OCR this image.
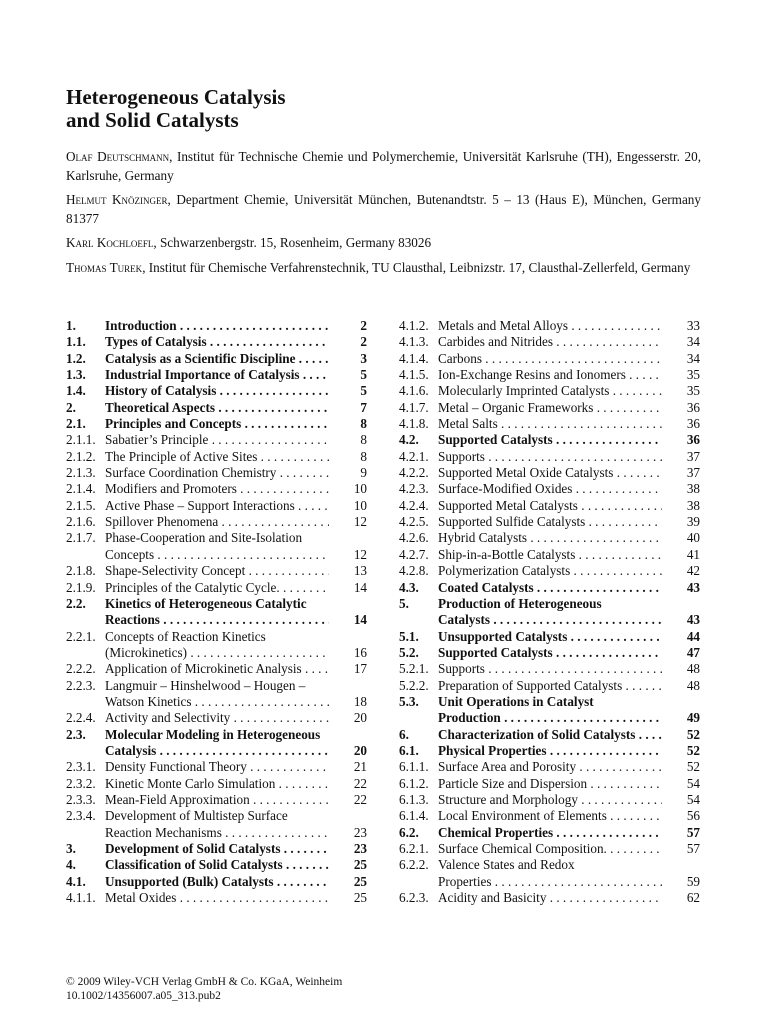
Heterogeneous Catalysis
and Solid Catalysts

Olaf Deutschmann, Institut für Technische Chemie und Polymerchemie, Universität Karlsruhe (TH), Engesserstr. 20, Karlsruhe, Germany

Helmut Knözinger, Department Chemie, Universität München, Butenandtstr. 5 – 13 (Haus E), München, Germany 81377

Karl Kochloefl, Schwarzenbergstr. 15, Rosenheim, Germany 83026

Thomas Turek, Institut für Chemische Verfahrenstechnik, TU Clausthal, Leibnizstr. 17, Clausthal-Zellerfeld, Germany

1. Introduction . . .	2
1.1. Types of Catalysis . . .	2
1.2. Catalysis as a Scientific Discipline . . .	3
1.3. Industrial Importance of Catalysis . . .	5
1.4. History of Catalysis . . .	5
2. Theoretical Aspects . . .	7
2.1. Principles and Concepts . . .	8
2.1.1. Sabatier’s Principle . . .	8
2.1.2. The Principle of Active Sites . . .	8
2.1.3. Surface Coordination Chemistry . . .	9
2.1.4. Modifiers and Promoters . . .	10
2.1.5. Active Phase – Support Interactions . . .	10
2.1.6. Spillover Phenomena . . .	12
2.1.7. Phase-Cooperation and Site-Isolation
Concepts . . .	12
2.1.8. Shape-Selectivity Concept . . .	13
2.1.9. Principles of the Catalytic Cycle. . . .	14
2.2. Kinetics of Heterogeneous Catalytic
Reactions . . .	14
2.2.1. Concepts of Reaction Kinetics
(Microkinetics) . . .	16
2.2.2. Application of Microkinetic Analysis . . .	17
2.2.3. Langmuir – Hinshelwood – Hougen –
Watson Kinetics . . .	18
2.2.4. Activity and Selectivity . . .	20
2.3. Molecular Modeling in Heterogeneous
Catalysis . . .	20
2.3.1. Density Functional Theory . . .	21
2.3.2. Kinetic Monte Carlo Simulation . . .	22
2.3.3. Mean-Field Approximation . . .	22
2.3.4. Development of Multistep Surface
Reaction Mechanisms . . .	23
3. Development of Solid Catalysts . . .	23
4. Classification of Solid Catalysts . . .	25
4.1. Unsupported (Bulk) Catalysts . . .	25
4.1.1. Metal Oxides . . .	25
4.1.2. Metals and Metal Alloys . . .	33
4.1.3. Carbides and Nitrides . . .	34
4.1.4. Carbons . . .	34
4.1.5. Ion-Exchange Resins and Ionomers . . .	35
4.1.6. Molecularly Imprinted Catalysts . . .	35
4.1.7. Metal – Organic Frameworks . . .	36
4.1.8. Metal Salts . . .	36
4.2. Supported Catalysts . . .	36
4.2.1. Supports . . .	37
4.2.2. Supported Metal Oxide Catalysts . . .	37
4.2.3. Surface-Modified Oxides . . .	38
4.2.4. Supported Metal Catalysts . . .	38
4.2.5. Supported Sulfide Catalysts . . .	39
4.2.6. Hybrid Catalysts . . .	40
4.2.7. Ship-in-a-Bottle Catalysts . . .	41
4.2.8. Polymerization Catalysts . . .	42
4.3. Coated Catalysts . . .	43
5. Production of Heterogeneous
Catalysts . . .	43
5.1. Unsupported Catalysts . . .	44
5.2. Supported Catalysts . . .	47
5.2.1. Supports . . .	48
5.2.2. Preparation of Supported Catalysts . . .	48
5.3. Unit Operations in Catalyst
Production . . .	49
6. Characterization of Solid Catalysts . . .	52
6.1. Physical Properties . . .	52
6.1.1. Surface Area and Porosity . . .	52
6.1.2. Particle Size and Dispersion . . .	54
6.1.3. Structure and Morphology . . .	54
6.1.4. Local Environment of Elements . . .	56
6.2. Chemical Properties . . .	57
6.2.1. Surface Chemical Composition. . . .	57
6.2.2. Valence States and Redox
Properties . . .	59
6.2.3. Acidity and Basicity . . .	62
© 2009 Wiley-VCH Verlag GmbH & Co. KGaA, Weinheim
10.1002/14356007.a05_313.pub2
